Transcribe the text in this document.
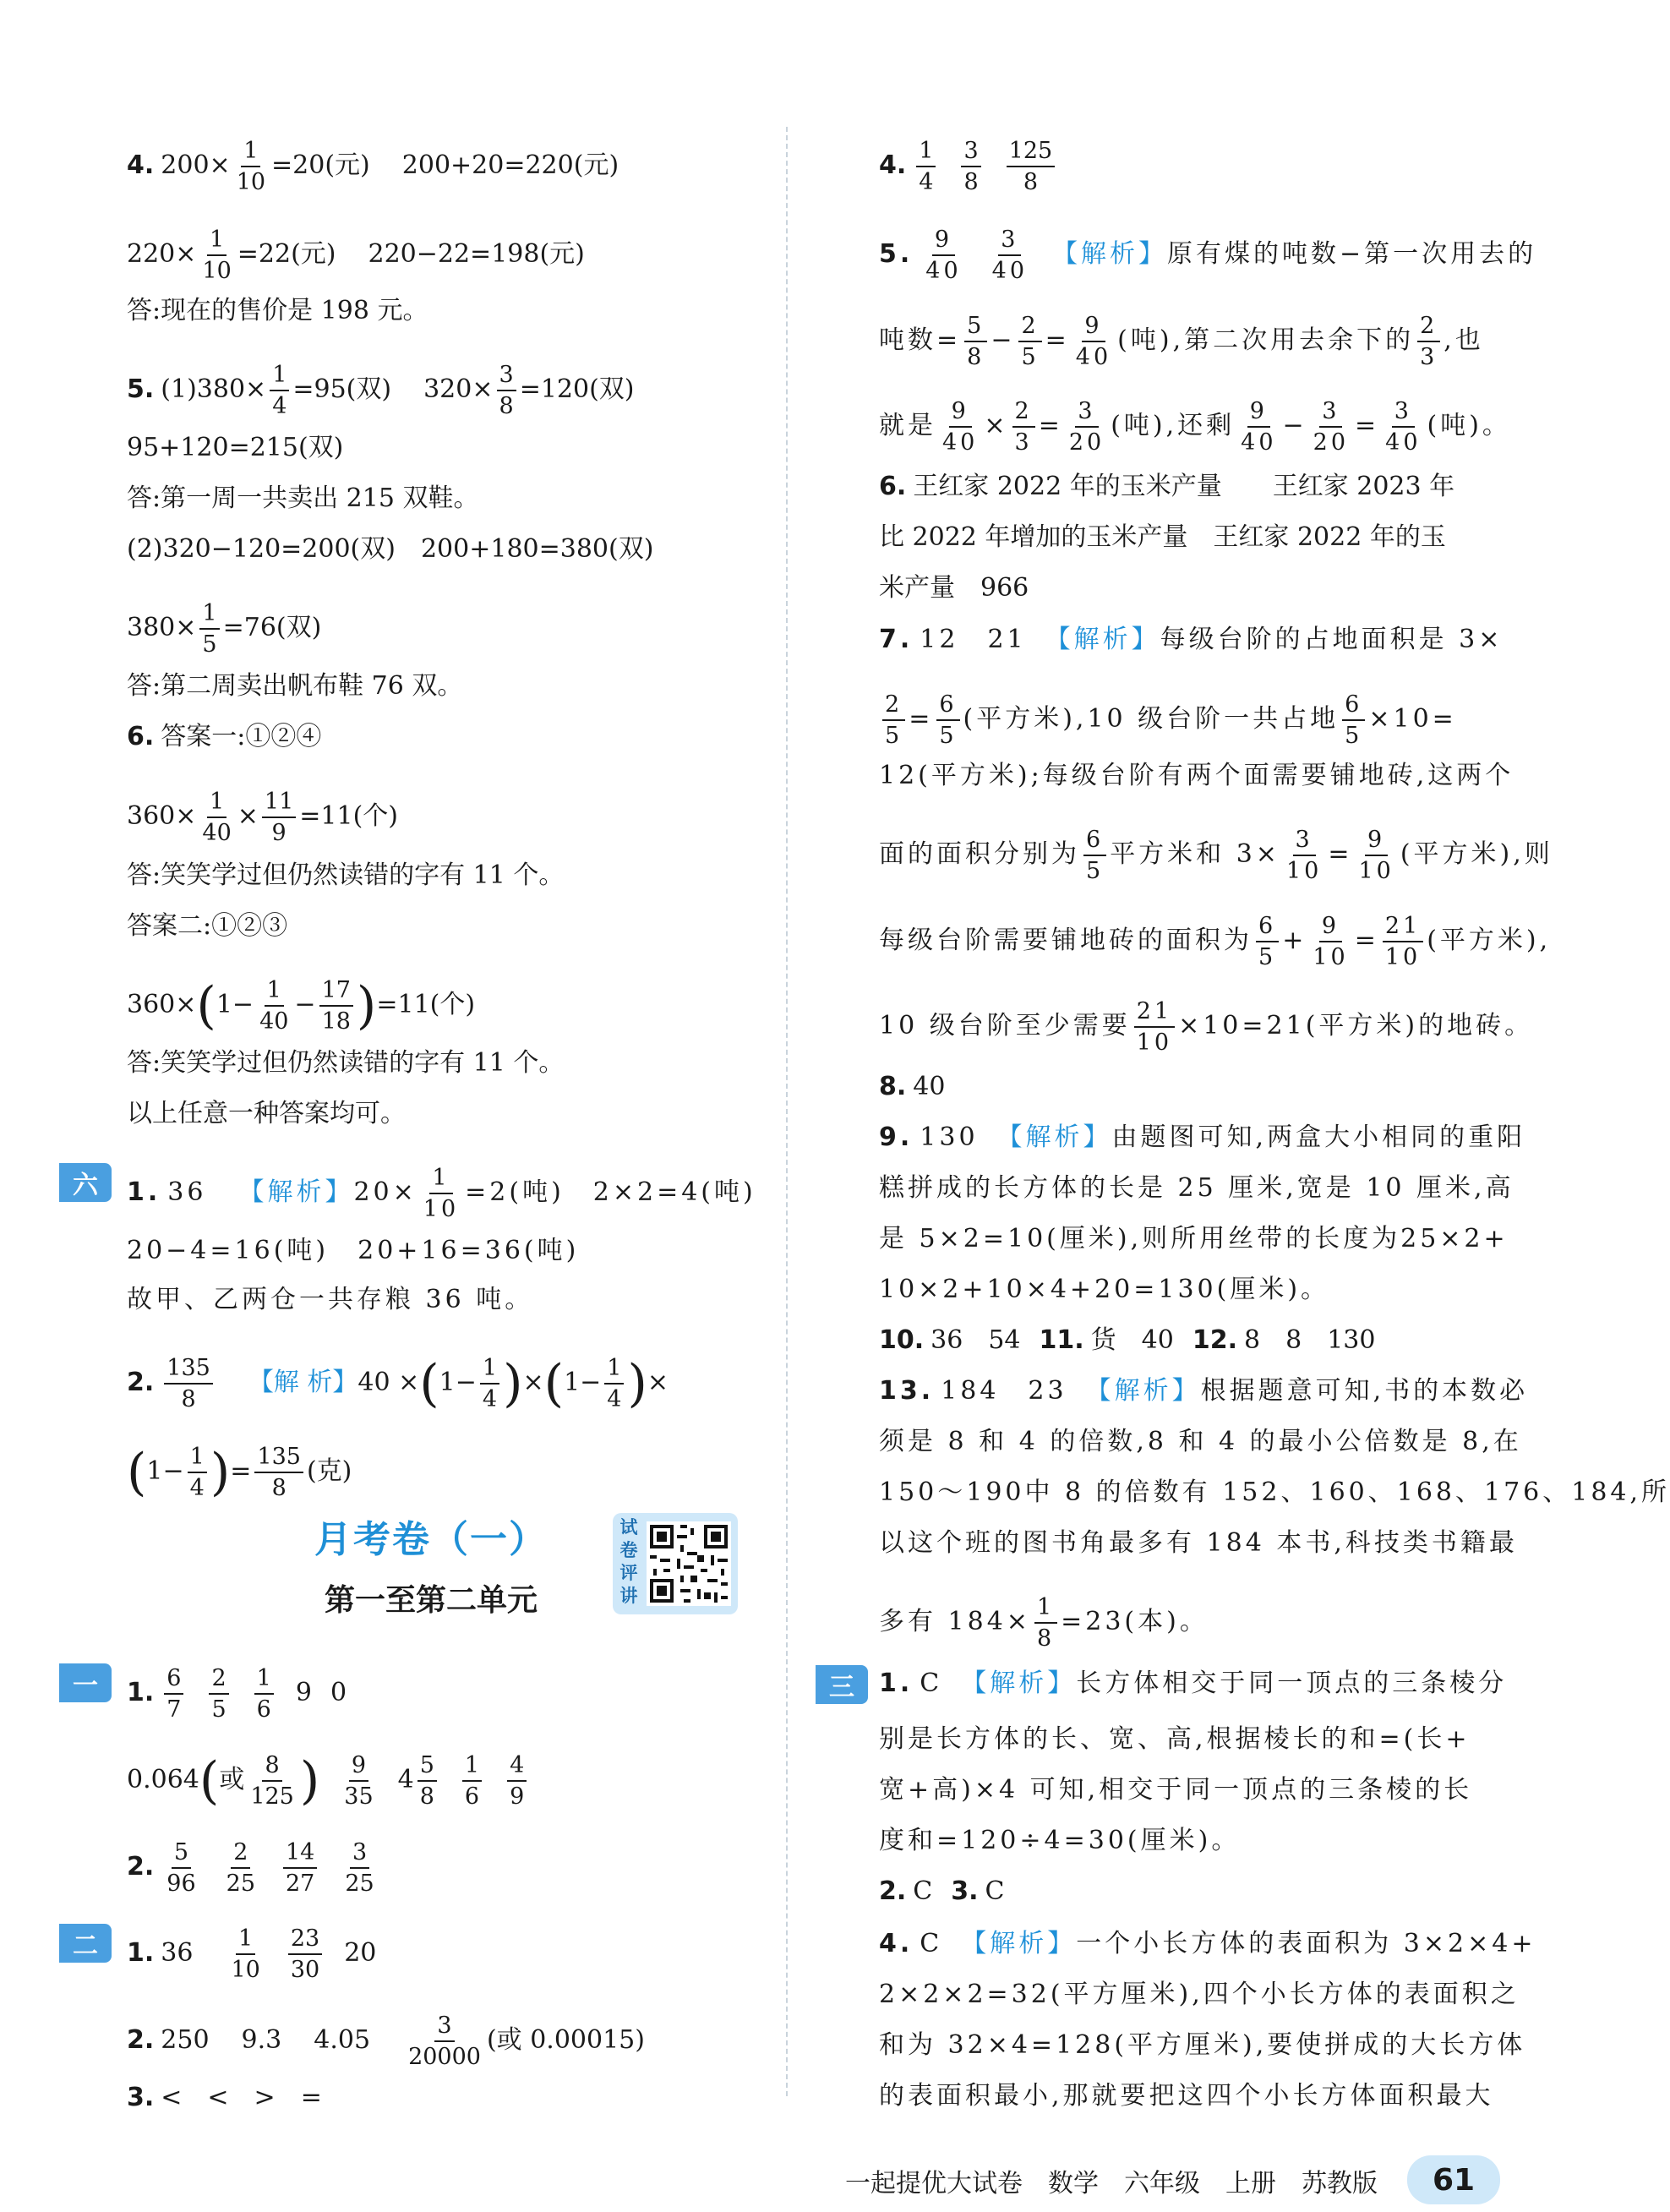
4. $200\times \frac{1}{10} =20$(元) 200+20=220(元)
$220\times \frac{1}{10} =22$(元) 220−22=198(元)
答:现在的售价是 198 元。
5. $(1)380\times \frac{1}{4} =95$(双) $320\times \frac{3}{8} =120$(双)
95+120=215(双)
答:第一周一共卖出 215 双鞋。
(2)320−120=200(双)　200+180=380(双)
$380\times \frac{1}{5} =76$(双)
答:第二周卖出帆布鞋 76 双。
6. 答案一:①②④
$360\times \frac{1}{40} \times \frac{11}{9} =11$(个)
答:笑笑学过但仍然读错的字有 11 个。
答案二:①②③
$360\times(1- \frac{1}{40} - \frac{17}{18} )=11$(个)
答:笑笑学过但仍然读错的字有 11 个。
以上任意一种答案均可。
1. 36 【解析】$20\times \frac{1}{10} =2$(吨)　2×2=4(吨)
20−4=16(吨)　20+16=36(吨)
故甲、乙两仓一共存粮 36 吨。
2. $\frac{135}{8}$ 【解 析】$40 \times(1- \frac{1}{4} )\times(1- \frac{1}{4}$ )×
($1- \frac{1}{4}$ )= $\frac{135}{8}$ (克)
六
月考卷（一）
第一至第二单元
试
卷
评
讲
一	1. $\frac{6}{7} \frac{2}{5} \frac{1}{6} 9$ 0
0.064(或 $\frac{8}{125}$ ) $\frac{9}{35} 4 \frac{5}{8} \frac{1}{6} \frac{4}{9}$
2. $\frac{5}{96} \frac{2}{25} \frac{14}{27} \frac{3}{25}$
1. $36 \frac{1}{10} \frac{23}{30} 20$
2. 250 9.3 $4.05 \frac{3}{20000}$ (或 0.00015)
3. <　<　>　=
二
4. $\frac{1}{4} \frac{3}{8} \frac{125}{8}$
5. $\frac{9}{40} \frac{3}{40}$ 【解析】原有煤的吨数−第一次用去的
吨数= $\frac{5}{8} - \frac{2}{5} = \frac{9}{40}$ (吨),第二次用去余下的 $\frac{2}{3}$ ,也
就是 $\frac{9}{40} \times \frac{2}{3} = \frac{3}{20}$ (吨),还剩 $\frac{9}{40} - \frac{3}{20} = \frac{3}{40}$ (吨)。
6. 王红家 2022 年的玉米产量　　王红家 2023 年
比 2022 年增加的玉米产量　王红家 2022 年的玉
米产量　966
7. 12　21 【解析】每级台阶的占地面积是 3×
$\frac{2}{5} = \frac{6}{5}$ (平方米),10 级台阶一共占地 $\frac{6}{5} \times 10=$
12(平方米);每级台阶有两个面需要铺地砖,这两个
面的面积分别为 $\frac{6}{5}$ 平方米和 $3\times \frac{3}{10} = \frac{9}{10}$ (平方米),则
每级台阶需要铺地砖的面积为 $\frac{6}{5} + \frac{9}{10} = \frac{21}{10}$ (平方米),
10 级台阶至少需要 $\frac{21}{10} \times 10=21$(平方米)的地砖。
8. 40
9. 130 【解析】由题图可知,两盒大小相同的重阳
糕拼成的长方体的长是 25 厘米,宽是 10 厘米,高
是 5×2=10(厘米),则所用丝带的长度为25×2+
10×2+10×4+20=130(厘米)。
10. 36　54 11. 货　40 12. 8　8　130
13. 184　23 【解析】根据题意可知,书的本数必
须是 8 和 4 的倍数,8 和 4 的最小公倍数是 8,在
150～190中 8 的倍数有 152、160、168、176、184,所
以这个班的图书角最多有 184 本书,科技类书籍最
多有 $184\times \frac{1}{8} =23$(本)。
1. C 【解析】长方体相交于同一顶点的三条棱分
别是长方体的长、宽、高,根据棱长的和=(长+
宽+高)×4 可知,相交于同一顶点的三条棱的长
度和=120÷4=30(厘米)。
2. C 3. C
4. C 【解析】一个小长方体的表面积为 3×2×4+
2×2×2=32(平方厘米),四个小长方体的表面积之
和为 32×4=128(平方厘米),要使拼成的大长方体
的表面积最小,那就要把这四个小长方体面积最大
三
一起提优大试卷　数学　六年级　上册　苏教版	61
